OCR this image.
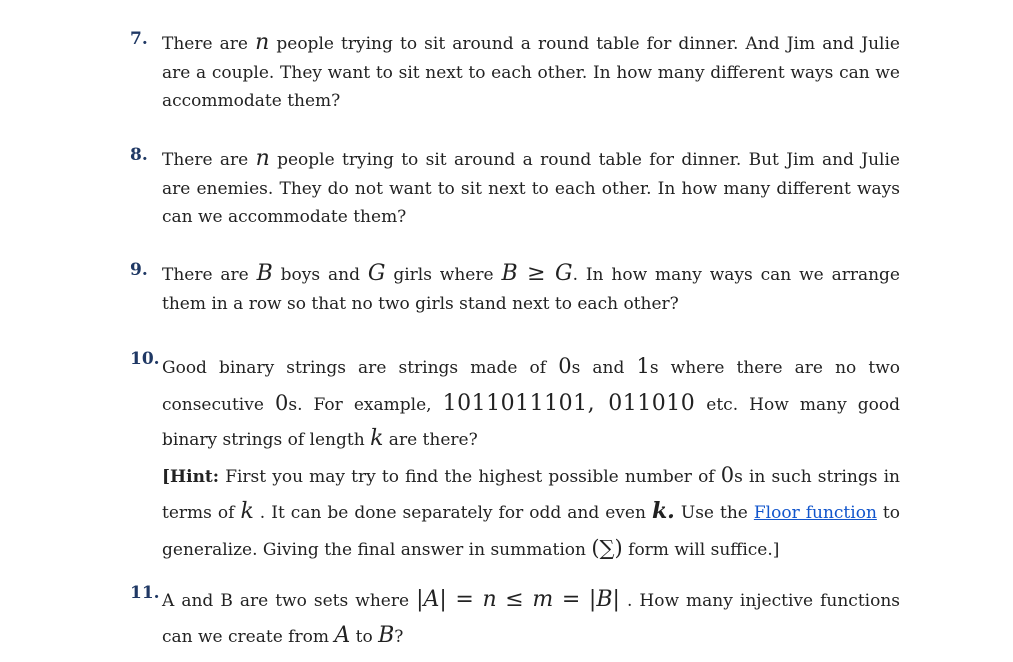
7. There are n people trying to sit around a round table for dinner. And Jim and Julie are a couple. They want to sit next to each other. In how many different ways can we accommodate them?

8. There are n people trying to sit around a round table for dinner. But Jim and Julie are enemies. They do not want to sit next to each other. In how many different ways can we accommodate them?

9. There are B boys and G girls where B ≥ G. In how many ways can we arrange them in a row so that no two girls stand next to each other?

10. Good binary strings are strings made of 0s and 1s where there are no two consecutive 0s. For example, 1011011101, 011010 etc. How many good binary strings of length k are there?

[Hint: First you may try to find the highest possible number of 0s in such strings in terms of k . It can be done separately for odd and even k. Use the Floor function to generalize. Giving the final answer in summation (∑) form will suffice.]

11. A and B are two sets where |A| = n ≤ m = |B| . How many injective functions can we create from A to B?
